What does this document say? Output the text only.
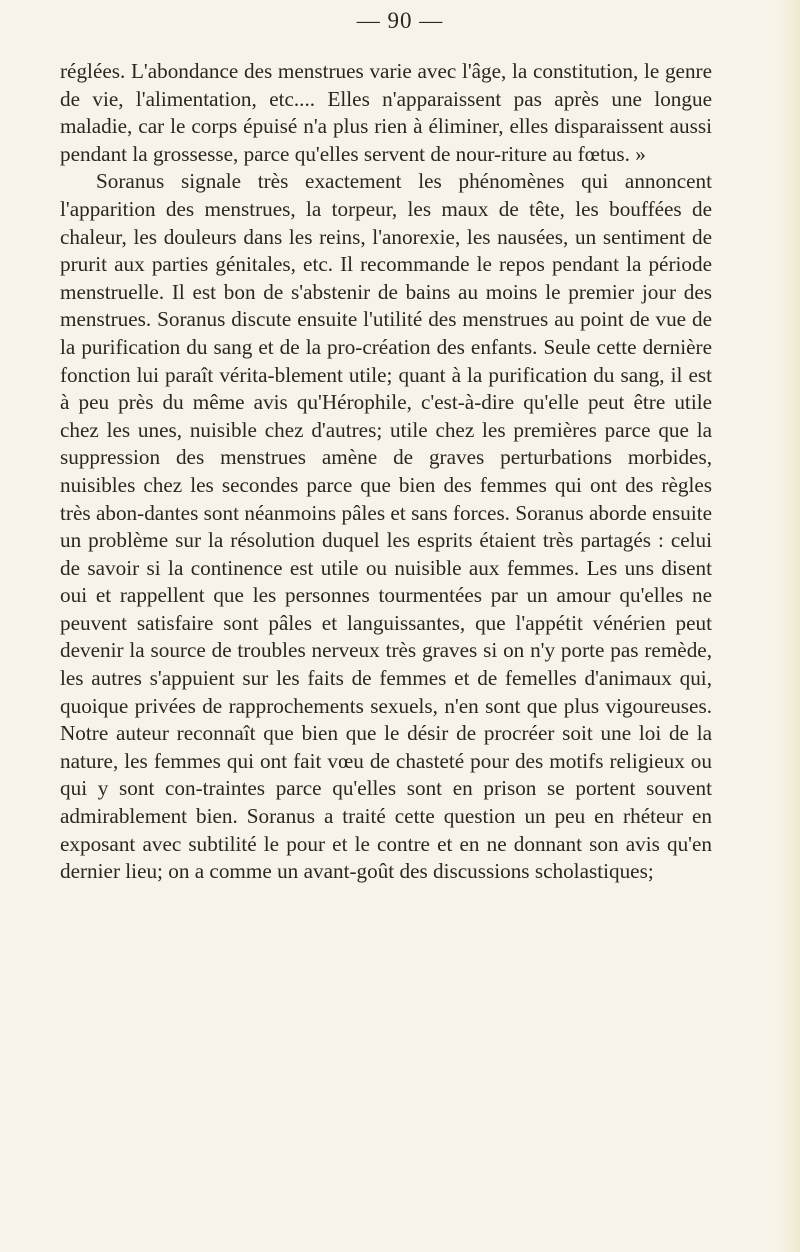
— 90 —

réglées. L'abondance des menstrues varie avec l'âge, la constitution, le genre de vie, l'alimentation, etc.... Elles n'apparaissent pas après une longue maladie, car le corps épuisé n'a plus rien à éliminer, elles disparaissent aussi pendant la grossesse, parce qu'elles servent de nour-riture au fœtus. »

Soranus signale très exactement les phénomènes qui annoncent l'apparition des menstrues, la torpeur, les maux de tête, les bouffées de chaleur, les douleurs dans les reins, l'anorexie, les nausées, un sentiment de prurit aux parties génitales, etc. Il recommande le repos pendant la période menstruelle. Il est bon de s'abstenir de bains au moins le premier jour des menstrues. Soranus discute ensuite l'utilité des menstrues au point de vue de la purification du sang et de la pro-création des enfants. Seule cette dernière fonction lui paraît vérita-blement utile; quant à la purification du sang, il est à peu près du même avis qu'Hérophile, c'est-à-dire qu'elle peut être utile chez les unes, nuisible chez d'autres; utile chez les premières parce que la suppression des menstrues amène de graves perturbations morbides, nuisibles chez les secondes parce que bien des femmes qui ont des règles très abon-dantes sont néanmoins pâles et sans forces. Soranus aborde ensuite un problème sur la résolution duquel les esprits étaient très partagés : celui de savoir si la continence est utile ou nuisible aux femmes. Les uns disent oui et rappellent que les personnes tourmentées par un amour qu'elles ne peuvent satisfaire sont pâles et languissantes, que l'appétit vénérien peut devenir la source de troubles nerveux très graves si on n'y porte pas remède, les autres s'appuient sur les faits de femmes et de femelles d'animaux qui, quoique privées de rapprochements sexuels, n'en sont que plus vigoureuses. Notre auteur reconnaît que bien que le désir de procréer soit une loi de la nature, les femmes qui ont fait vœu de chasteté pour des motifs religieux ou qui y sont con-traintes parce qu'elles sont en prison se portent souvent admirablement bien. Soranus a traité cette question un peu en rhéteur en exposant avec subtilité le pour et le contre et en ne donnant son avis qu'en dernier lieu; on a comme un avant-goût des discussions scholastiques;
